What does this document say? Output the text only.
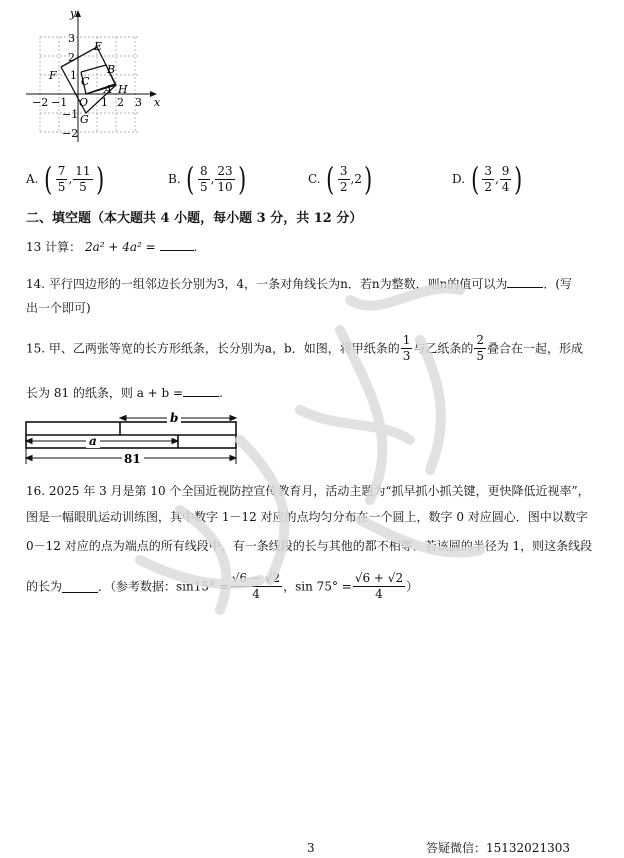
y
x
3
2
1
−1
−2
−2 −1	1 2 3
O
E
B
F C
A H
G
A. ( $\frac{7}{5}$ , $\frac{11}{5}$ )	B. ( $\frac{8}{5}$ , $\frac{23}{10}$ )	C. ( $\frac{3}{2} ,2$)	D. ( $\frac{3}{2}$ , $\frac{9}{4}$ )
二、填空题（本大题共 4 小题，每小题 3 分，共 12 分）
13 计算： 2a² + 4a² =	.
14. 平行四边形的一组邻边长分别为3，4，一条对角线长为n．若n为整数，则n的值可以为	．(写
出一个即可)
15. 甲、乙两张等宽的长方形纸条，长分别为a，b．如图，将甲纸条的 $\frac{1}{3}$ 与乙纸条的 $\frac{2}{5}$ 叠合在一起，形成
长为 81 的纸条，则 a + b =	.
b
a
81
16. 2025 年 3 月是第 10 个全国近视防控宣传教育月，活动主题为“抓早抓小抓关键，更快降低近视率”，
图是一幅眼肌运动训练图，其中数字 1－12 对应的点均匀分布在一个圆上，数字 0 对应圆心．图中以数字
0－12 对应的点为端点的所有线段中，有一条线段的长与其他的都不相等．若该圆的半径为 1，则这条线段
的长为	．（参考数据：$\sin 15^\circ = \frac{√6 - √2}{4}$ ，$\sin 75^\circ = \frac{√6 + √2}{4}$ ）
3	答疑微信：15132021303
